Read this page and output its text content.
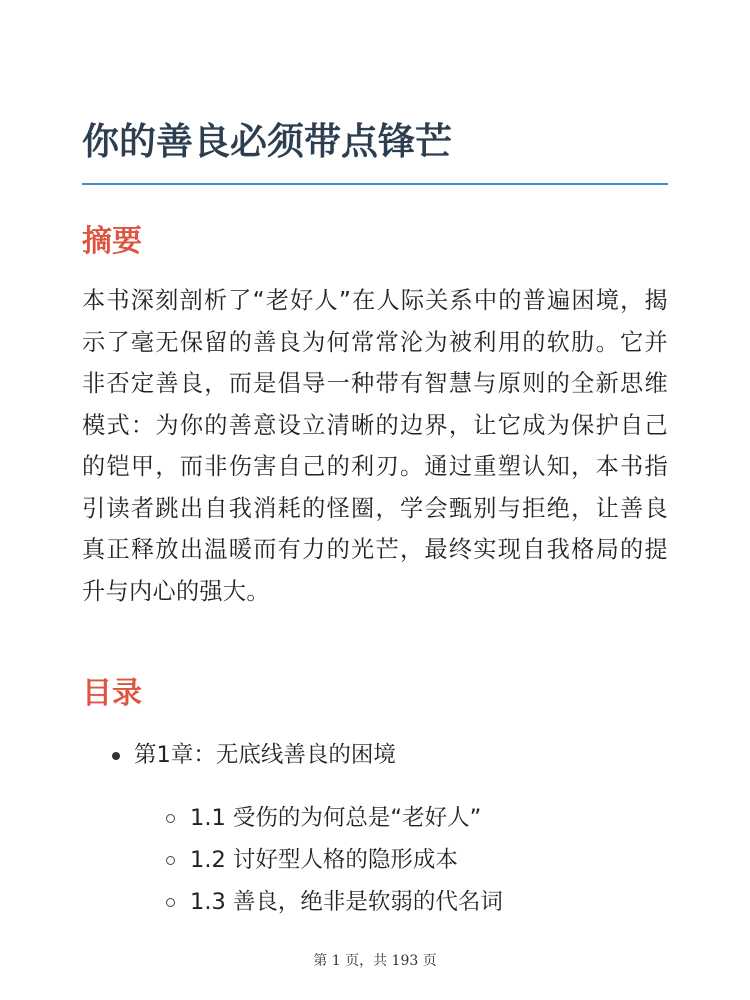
你的善良必须带点锋芒
摘要

本书深刻剖析了“老好人”在人际关系中的普遍困境，揭示了毫无保留的善良为何常常沦为被利用的软肋。它并非否定善良，而是倡导一种带有智慧与原则的全新思维模式：为你的善意设立清晰的边界，让它成为保护自己的铠甲，而非伤害自己的利刃。通过重塑认知，本书指引读者跳出自我消耗的怪圈，学会甄别与拒绝，让善良真正释放出温暖而有力的光芒，最终实现自我格局的提升与内心的强大。

目录
第1章：无底线善良的困境
1.1 受伤的为何总是“老好人”
1.2 讨好型人格的隐形成本
1.3 善良，绝非是软弱的代名词
第 1 页，共 193 页
